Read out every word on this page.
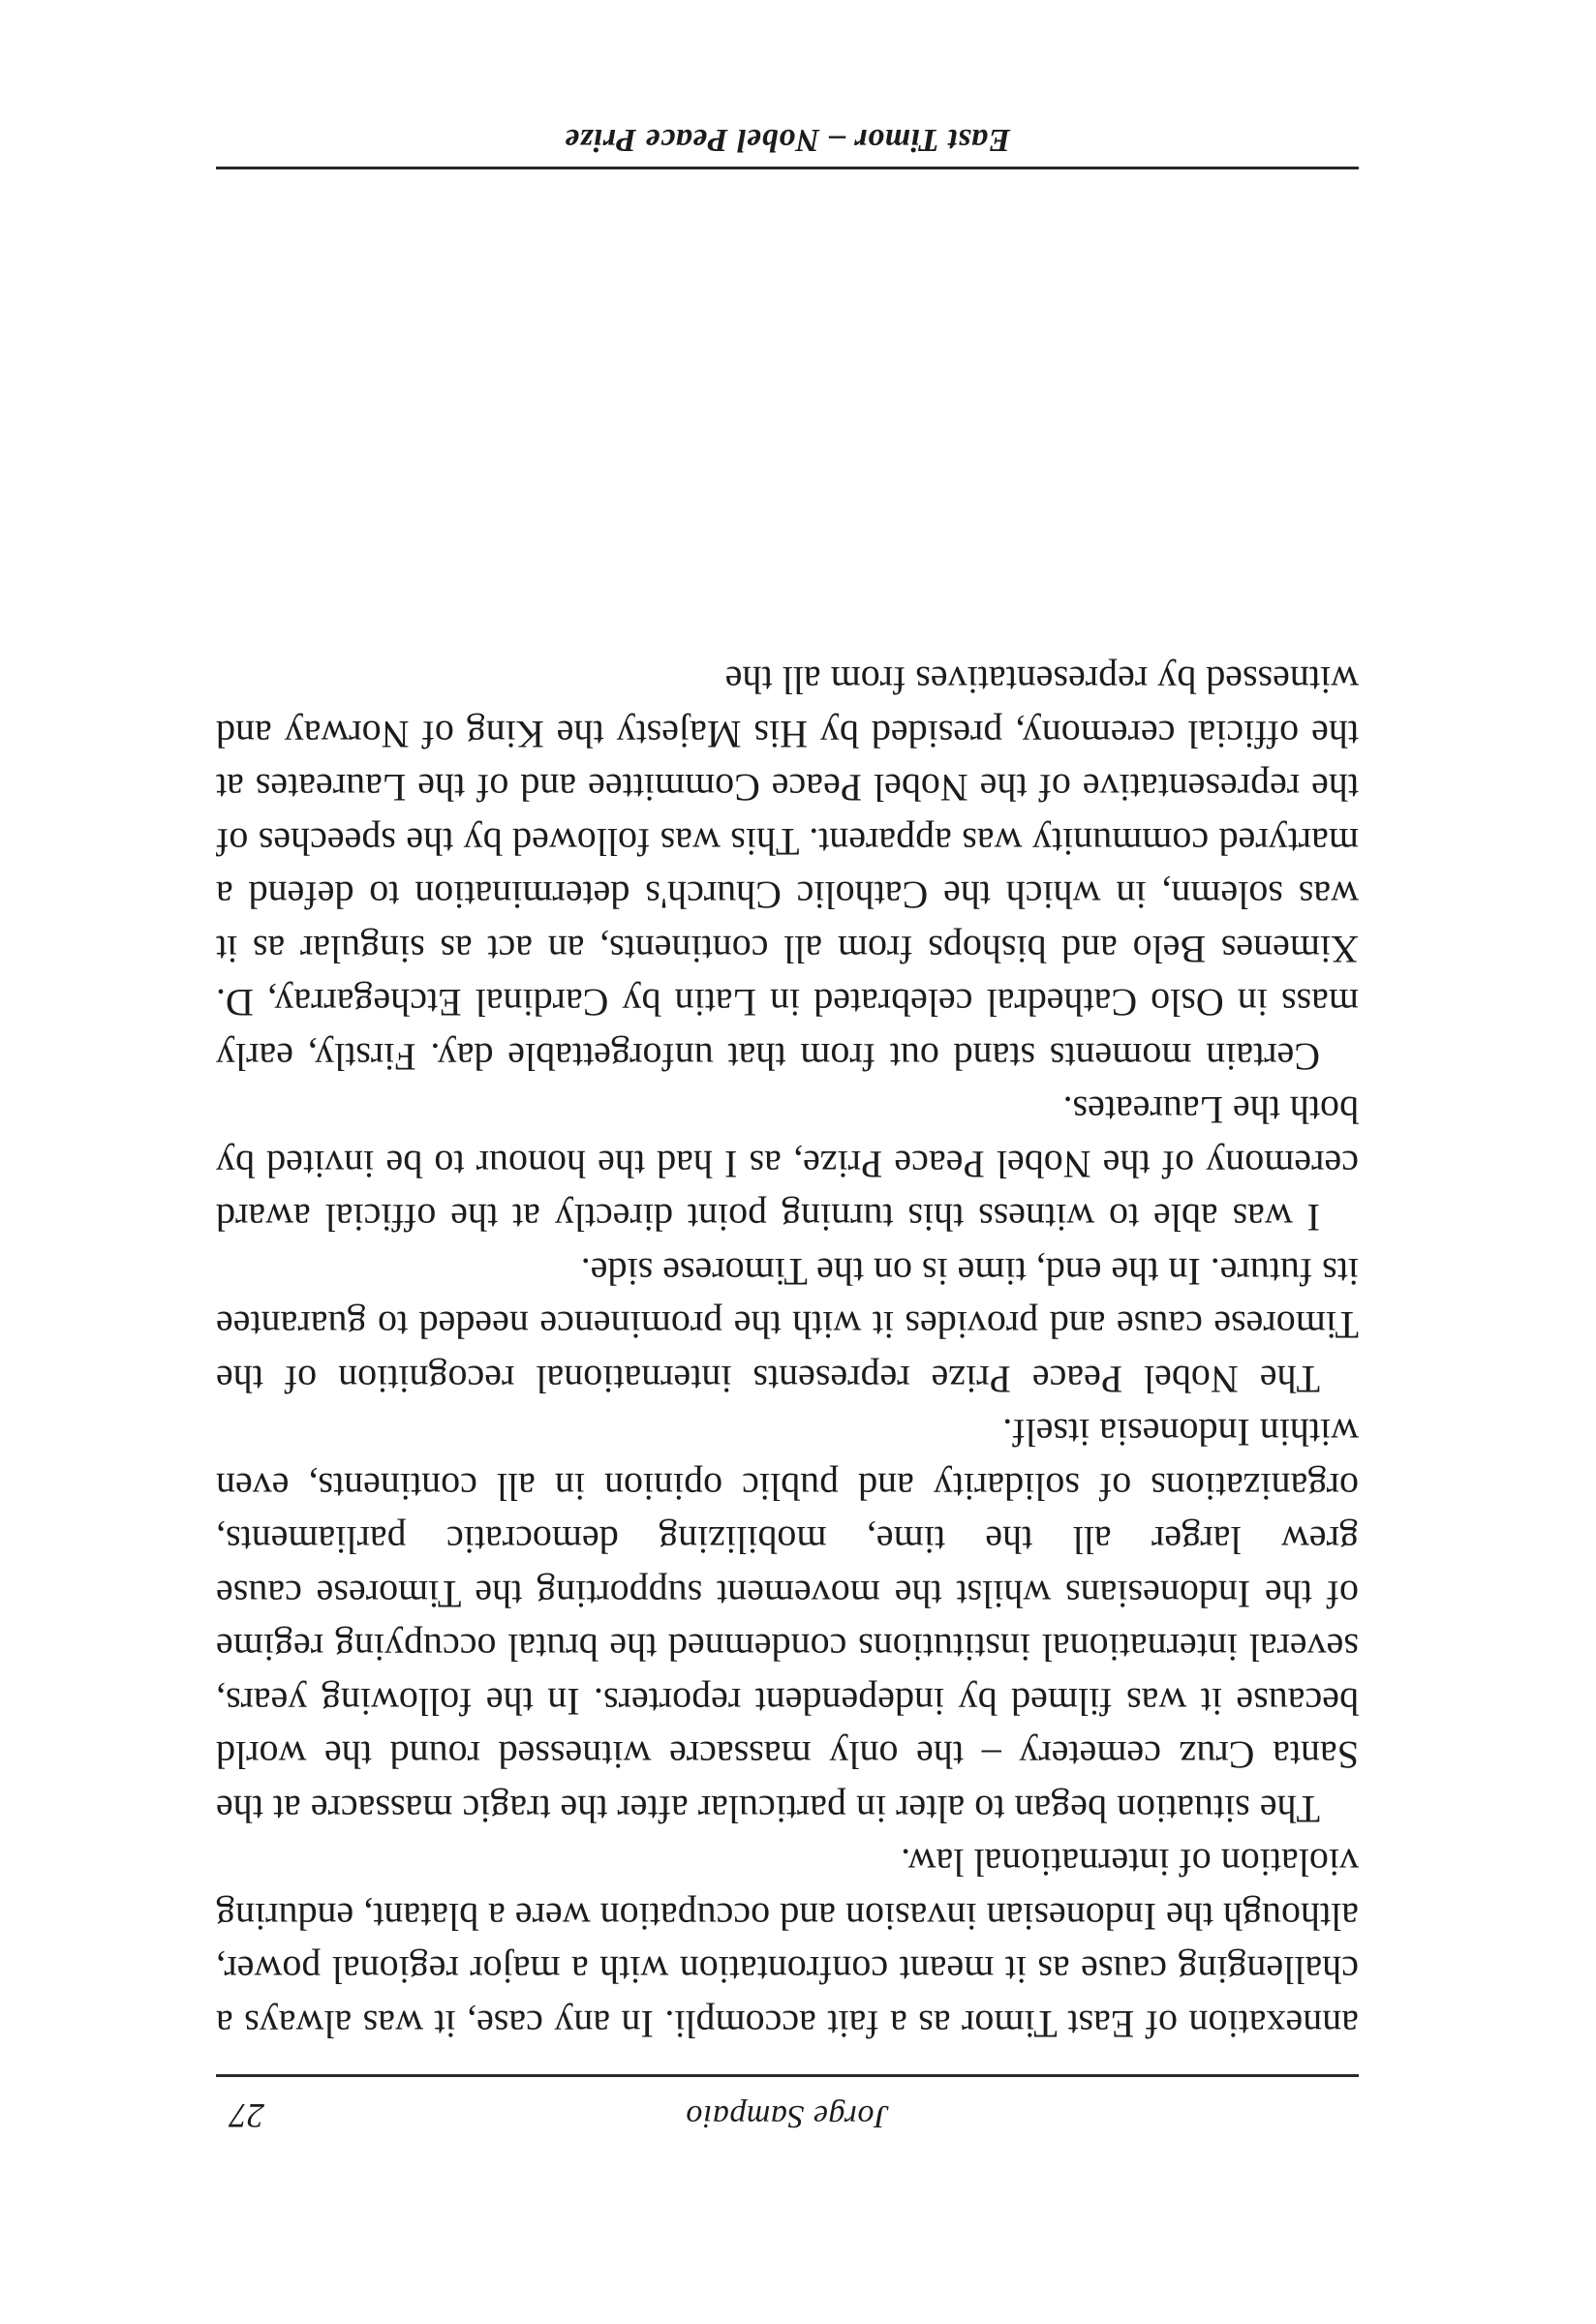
Jorge Sampaio
27

annexation of East Timor as a fait accompli. In any case, it was always a challenging cause as it meant confrontation with a major regional power, although the Indonesian invasion and occupation were a blatant, enduring violation of international law.

The situation began to alter in particular after the tragic massacre at the Santa Cruz cemetery – the only massacre witnessed round the world because it was filmed by independent reporters. In the following years, several international institutions condemned the brutal occupying regime of the Indonesians whilst the movement supporting the Timorese cause grew larger all the time, mobilizing democratic parliaments, organizations of solidarity and public opinion in all continents, even within Indonesia itself.

The Nobel Peace Prize represents international recognition of the Timorese cause and provides it with the prominence needed to guarantee its future. In the end, time is on the Timorese side.

I was able to witness this turning point directly at the official award ceremony of the Nobel Peace Prize, as I had the honour to be invited by both the Laureates.

Certain moments stand out from that unforgettable day. Firstly, early mass in Oslo Cathedral celebrated in Latin by Cardinal Etchegarray, D. Ximenes Belo and bishops from all continents, an act as singular as it was solemn, in which the Catholic Church's determination to defend a martyred community was apparent. This was followed by the speeches of the representative of the Nobel Peace Committee and of the Laureates at the official ceremony, presided by His Majesty the King of Norway and witnessed by representatives from all the

East Timor – Nobel Peace Prize
